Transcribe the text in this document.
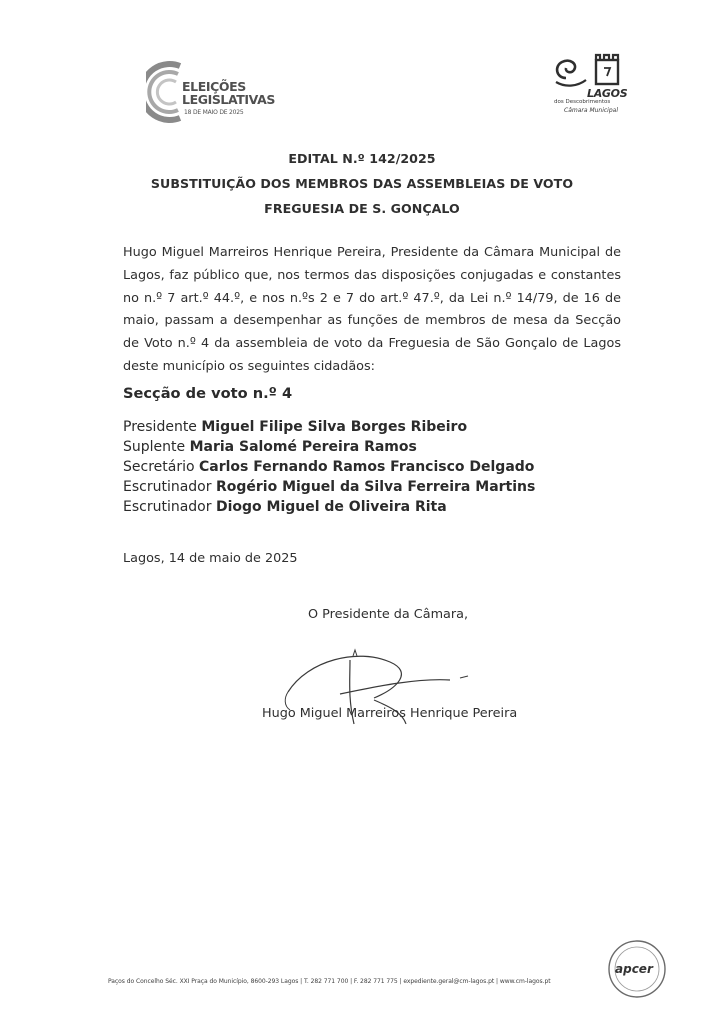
ELEIÇÕES
LEGISLATIVAS
18 DE MAIO DE 2025
LAGOS
dos Descobrimentos
Câmara Municipal
EDITAL N.º 142/2025
SUBSTITUIÇÃO DOS MEMBROS DAS ASSEMBLEIAS DE VOTO
FREGUESIA DE S. GONÇALO
Hugo Miguel Marreiros Henrique Pereira, Presidente da Câmara Municipal de Lagos, faz público que, nos termos das disposições conjugadas e constantes no n.º 7 art.º 44.º, e nos n.ºs 2 e 7 do art.º 47.º, da Lei n.º 14/79, de 16 de maio, passam a desempenhar as funções de membros de mesa da Secção de Voto n.º 4 da assembleia de voto da Freguesia de São Gonçalo de Lagos deste município os seguintes cidadãos:
Secção de voto n.º 4
Presidente Miguel Filipe Silva Borges Ribeiro
Suplente Maria Salomé Pereira Ramos
Secretário Carlos Fernando Ramos Francisco Delgado
Escrutinador Rogério Miguel da Silva Ferreira Martins
Escrutinador Diogo Miguel de Oliveira Rita
Lagos, 14 de maio de 2025
O Presidente da Câmara,
Hugo Miguel Marreiros Henrique Pereira
Paços do Concelho Séc. XXI Praça do Município, 8600-293 Lagos | T. 282 771 700 | F. 282 771 775 | expediente.geral@cm-lagos.pt | www.cm-lagos.pt
apcer
